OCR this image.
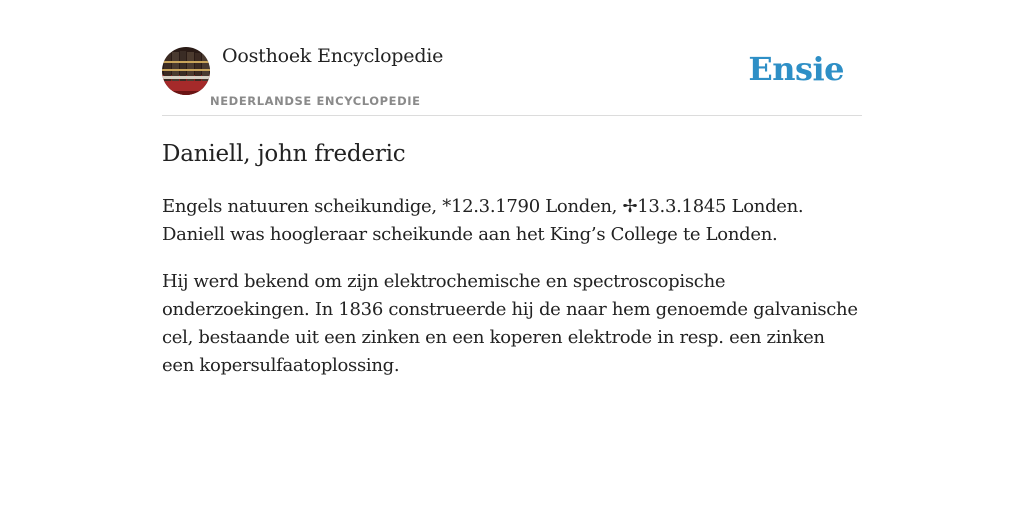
Oosthoek Encyclopedie
NEDERLANDSE ENCYCLOPEDIE
Ensie
Daniell, john frederic

Engels natuuren scheikundige, *12.3.1790 Londen, ✢13.3.1845 Londen. Daniell was hoogleraar scheikunde aan het King’s College te Londen.

Hij werd bekend om zijn elektrochemische en spectroscopische onderzoekingen. In 1836 construeerde hij de naar hem genoemde galvanische cel, bestaande uit een zinken en een koperen elektrode in resp. een zinken een kopersulfaatoplossing.
